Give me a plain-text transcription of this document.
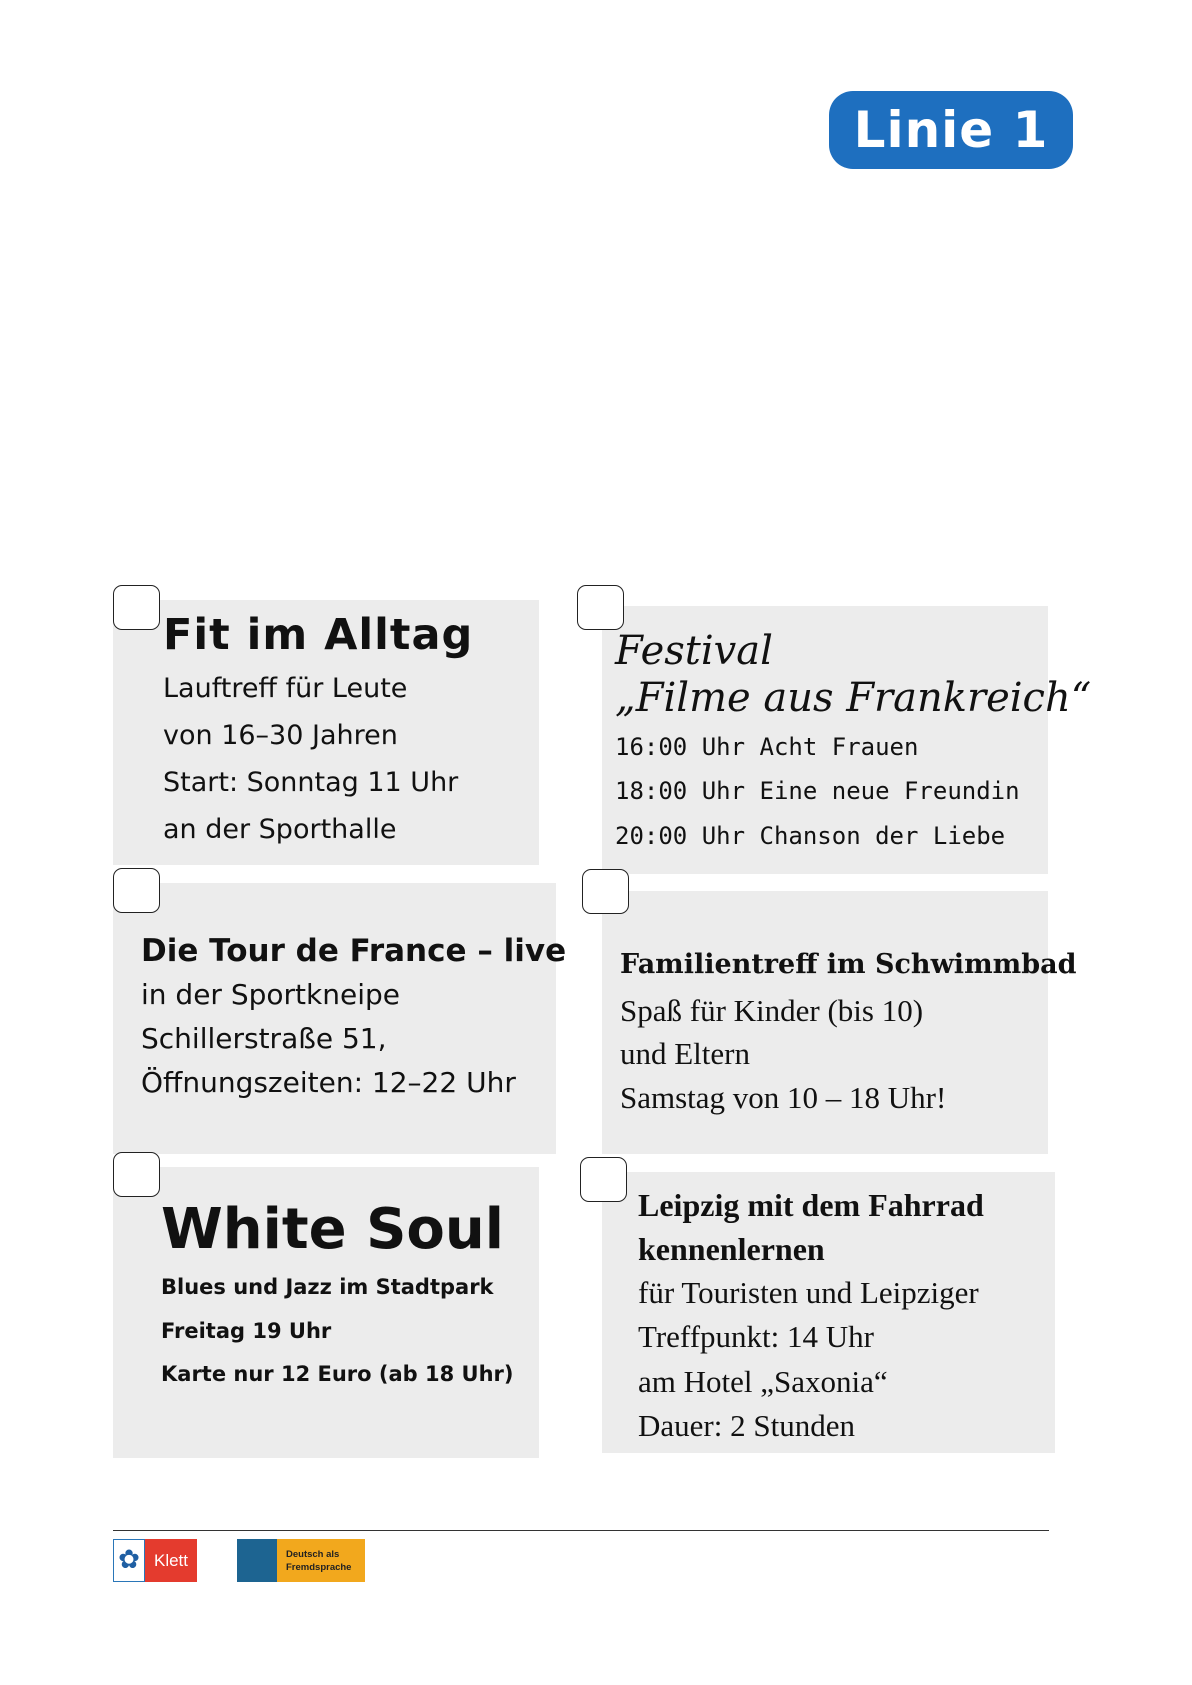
Linie 1
Fit im Alltag
Lauftreff für Leute
von 16–30 Jahren
Start: Sonntag 11 Uhr
an der Sporthalle
Festival
„Filme aus Frankreich“
16:00 Uhr Acht Frauen
18:00 Uhr Eine neue Freundin
20:00 Uhr Chanson der Liebe
Die Tour de France – live
in der Sportkneipe
Schillerstraße 51,
Öffnungszeiten: 12–22 Uhr
Familientreff im Schwimmbad
Spaß für Kinder (bis 10)
und Eltern
Samstag von 10 – 18 Uhr!
White Soul
Blues und Jazz im Stadtpark
Freitag 19 Uhr
Karte nur 12 Euro (ab 18 Uhr)
Leipzig mit dem Fahrrad
kennenlernen
für Touristen und Leipziger
Treffpunkt: 14 Uhr
am Hotel „Saxonia“
Dauer: 2 Stunden
✿ Klett	Deutsch als
Fremdsprache
